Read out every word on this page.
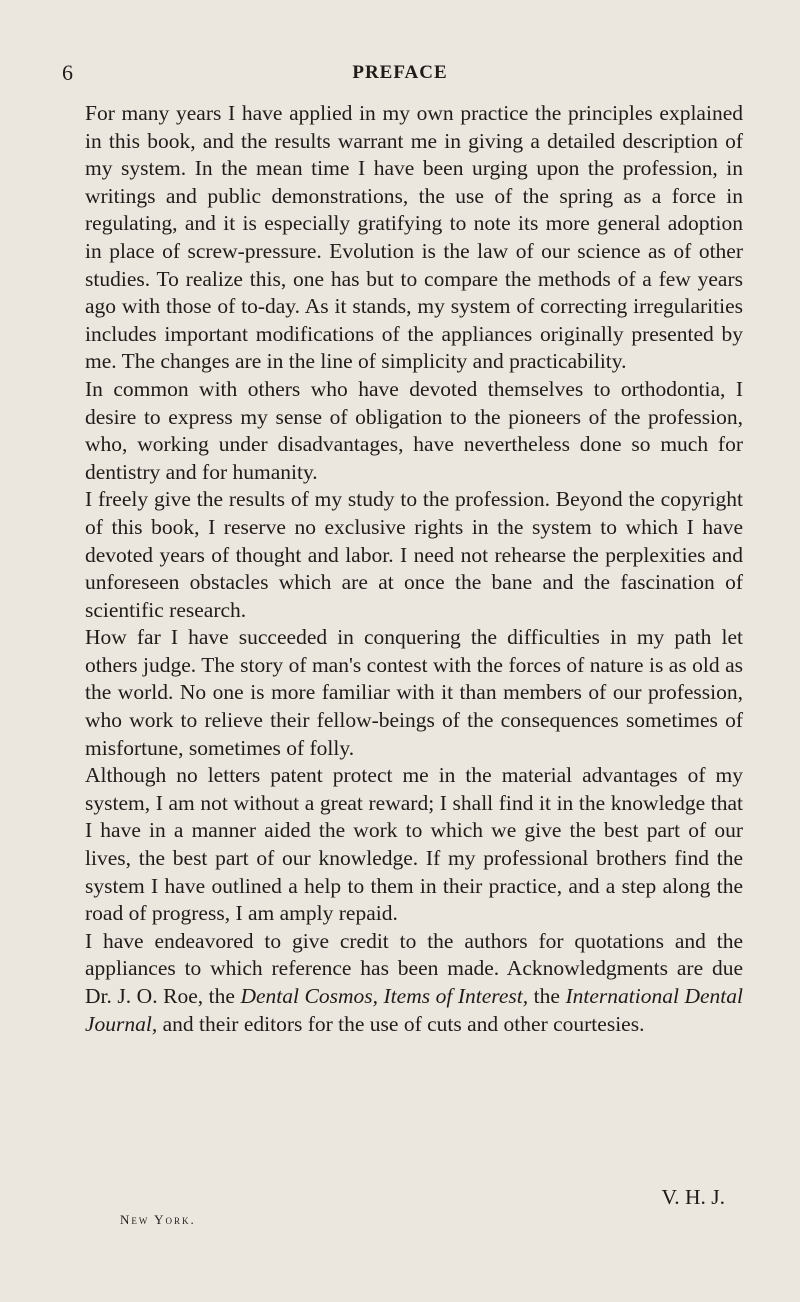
6	PREFACE

For many years I have applied in my own practice the principles explained in this book, and the results warrant me in giving a detailed description of my system. In the mean time I have been urging upon the profession, in writings and public demonstrations, the use of the spring as a force in regulating, and it is especially gratifying to note its more general adoption in place of screw-pressure. Evolution is the law of our science as of other studies. To realize this, one has but to compare the methods of a few years ago with those of to-day. As it stands, my system of correcting irregularities includes important modifications of the appliances originally presented by me. The changes are in the line of simplicity and practicability.

In common with others who have devoted themselves to orthodontia, I desire to express my sense of obligation to the pioneers of the profession, who, working under disadvantages, have nevertheless done so much for dentistry and for humanity.

I freely give the results of my study to the profession. Beyond the copyright of this book, I reserve no exclusive rights in the system to which I have devoted years of thought and labor. I need not rehearse the perplexities and unforeseen obstacles which are at once the bane and the fascination of scientific research.

How far I have succeeded in conquering the difficulties in my path let others judge. The story of man's contest with the forces of nature is as old as the world. No one is more familiar with it than members of our profession, who work to relieve their fellow-beings of the consequences sometimes of misfortune, sometimes of folly.

Although no letters patent protect me in the material advantages of my system, I am not without a great reward; I shall find it in the knowledge that I have in a manner aided the work to which we give the best part of our lives, the best part of our knowledge. If my professional brothers find the system I have outlined a help to them in their practice, and a step along the road of progress, I am amply repaid.

I have endeavored to give credit to the authors for quotations and the appliances to which reference has been made. Acknowledgments are due Dr. J. O. Roe, the Dental Cosmos, Items of Interest, the International Dental Journal, and their editors for the use of cuts and other courtesies.

V. H. J.
New York.
